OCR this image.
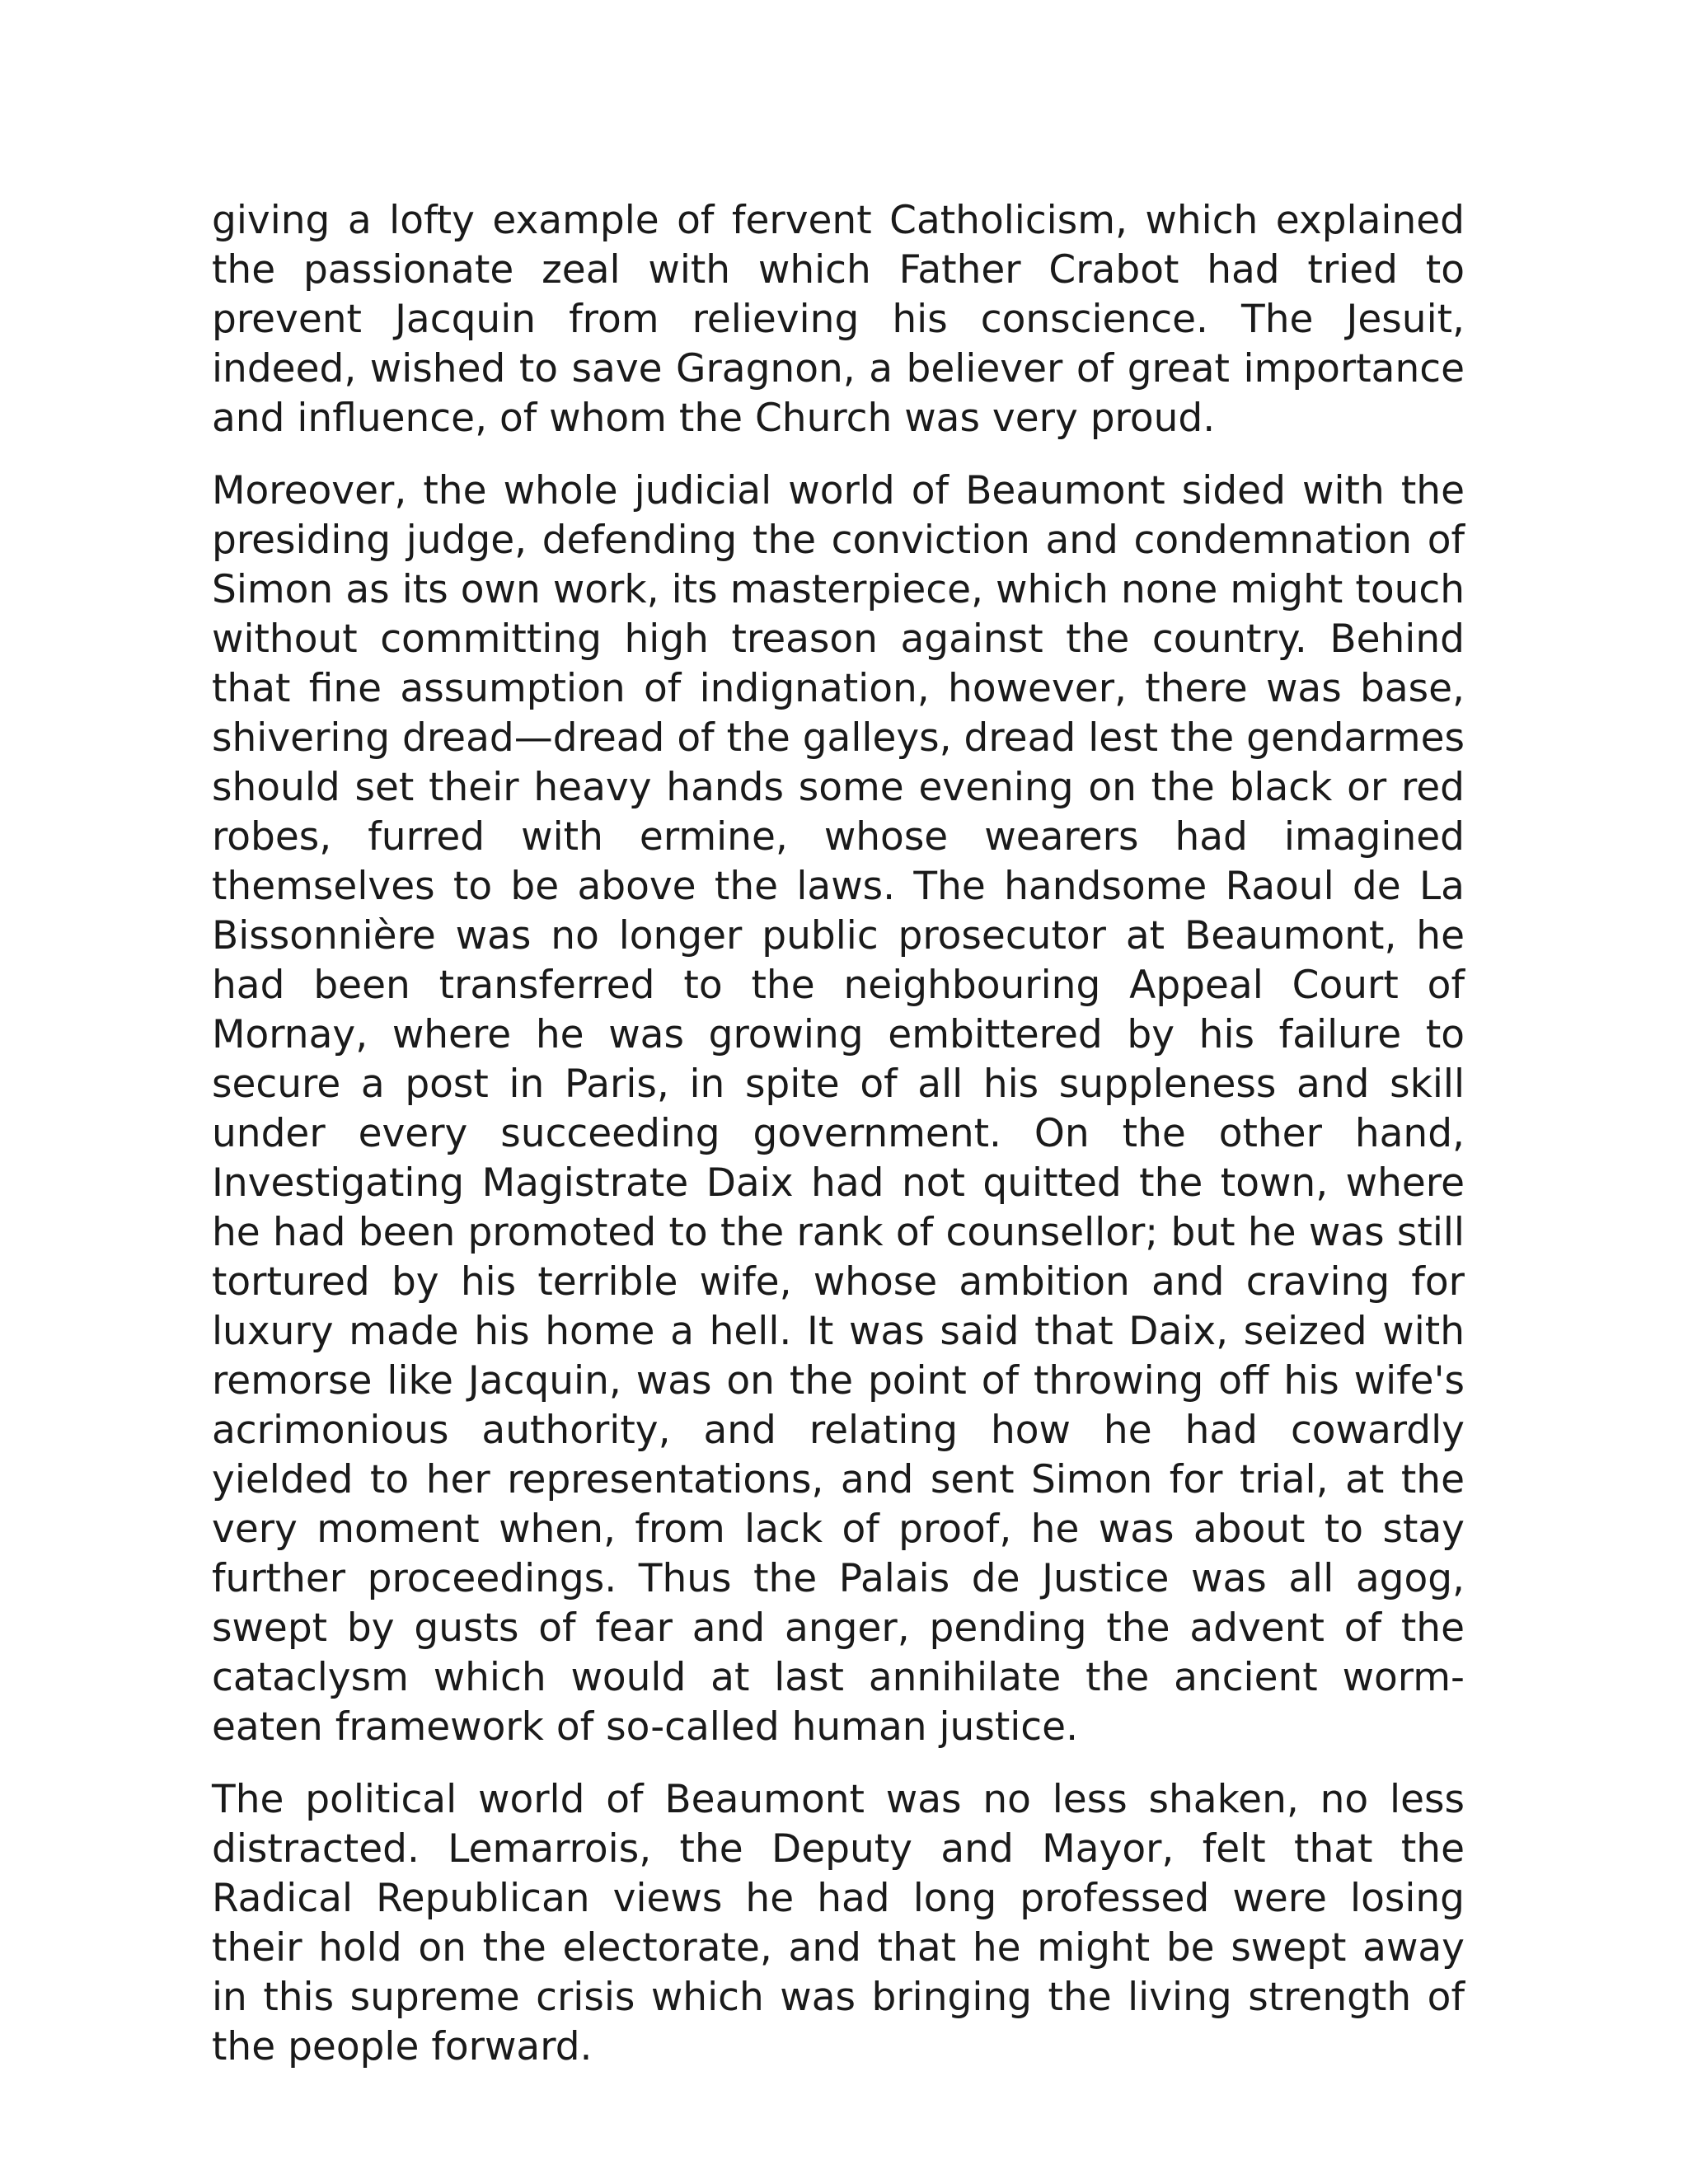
giving a lofty example of fervent Catholicism, which explained the passionate zeal with which Father Crabot had tried to prevent Jacquin from relieving his conscience. The Jesuit, indeed, wished to save Gragnon, a believer of great importance and influence, of whom the Church was very proud.

Moreover, the whole judicial world of Beaumont sided with the presiding judge, defending the conviction and condemnation of Simon as its own work, its masterpiece, which none might touch without committing high treason against the country. Behind that fine assumption of indignation, however, there was base, shivering dread—dread of the galleys, dread lest the gendarmes should set their heavy hands some evening on the black or red robes, furred with ermine, whose wearers had imagined themselves to be above the laws. The handsome Raoul de La Bissonnière was no longer public prosecutor at Beaumont, he had been transferred to the neighbouring Appeal Court of Mornay, where he was growing embittered by his failure to secure a post in Paris, in spite of all his suppleness and skill under every succeeding government. On the other hand, Investigating Magistrate Daix had not quitted the town, where he had been promoted to the rank of counsellor; but he was still tortured by his terrible wife, whose ambition and craving for luxury made his home a hell. It was said that Daix, seized with remorse like Jacquin, was on the point of throwing off his wife's acrimonious authority, and relating how he had cowardly yielded to her representations, and sent Simon for trial, at the very moment when, from lack of proof, he was about to stay further proceedings. Thus the Palais de Justice was all agog, swept by gusts of fear and anger, pending the advent of the cataclysm which would at last annihilate the ancient worm-eaten framework of so-called human justice.

The political world of Beaumont was no less shaken, no less distracted. Lemarrois, the Deputy and Mayor, felt that the Radical Republican views he had long professed were losing their hold on the electorate, and that he might be swept away in this supreme crisis which was bringing the living strength of the people forward.
